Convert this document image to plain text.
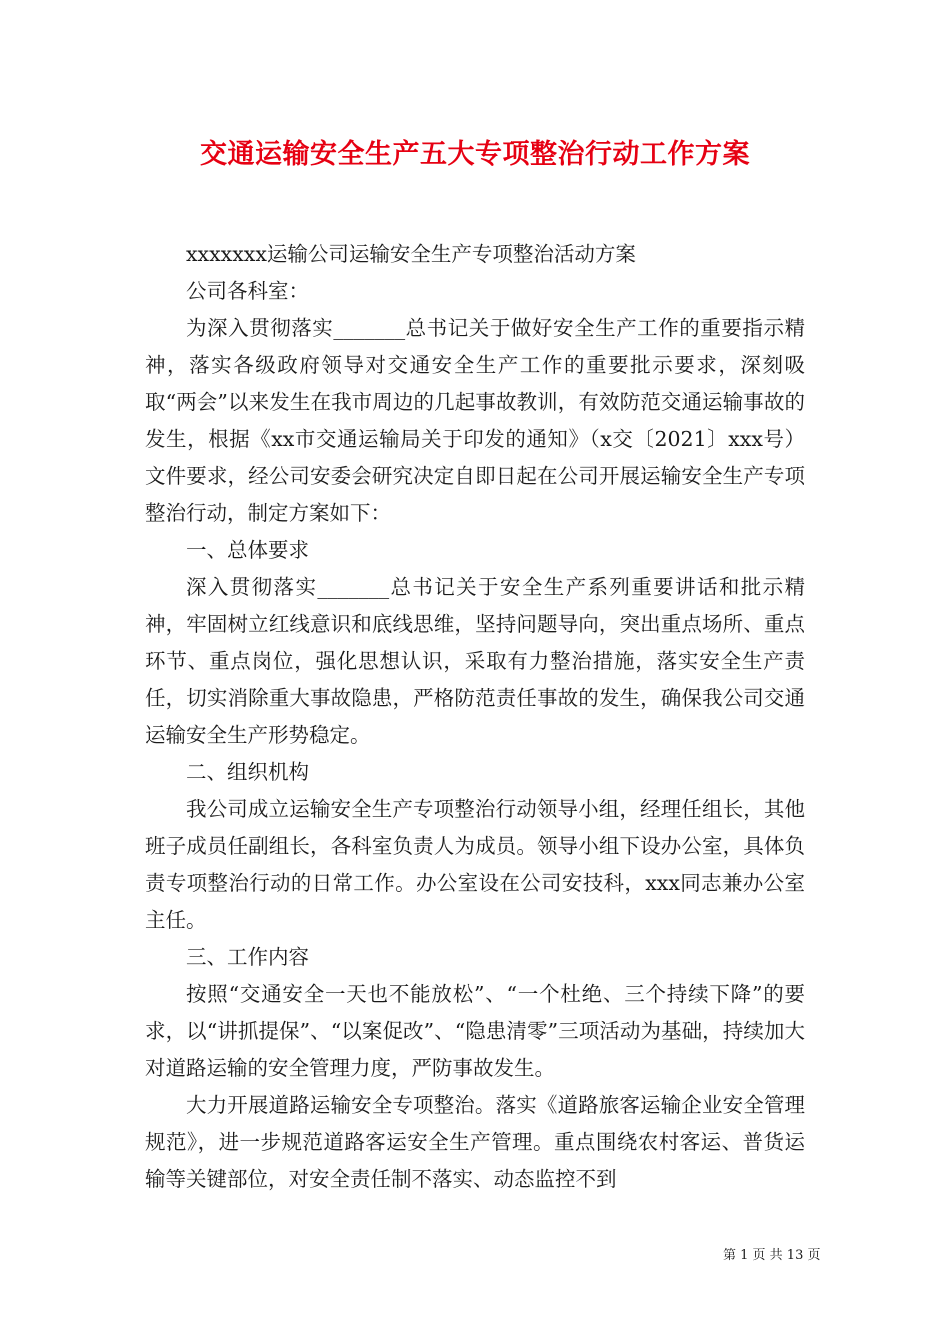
交通运输安全生产五大专项整治行动工作方案

xxxxxxx运输公司运输安全生产专项整治活动方案

公司各科室：

为深入贯彻落实_______总书记关于做好安全生产工作的重要指示精神，落实各级政府领导对交通安全生产工作的重要批示要求，深刻吸取“两会”以来发生在我市周边的几起事故教训，有效防范交通运输事故的发生，根据《xx市交通运输局关于印发的通知》（x交〔2021〕xxx号）文件要求，经公司安委会研究决定自即日起在公司开展运输安全生产专项整治行动，制定方案如下：

一、总体要求

深入贯彻落实_______总书记关于安全生产系列重要讲话和批示精神，牢固树立红线意识和底线思维，坚持问题导向，突出重点场所、重点环节、重点岗位，强化思想认识，采取有力整治措施，落实安全生产责任，切实消除重大事故隐患，严格防范责任事故的发生，确保我公司交通运输安全生产形势稳定。

二、组织机构

我公司成立运输安全生产专项整治行动领导小组，经理任组长，其他班子成员任副组长，各科室负责人为成员。领导小组下设办公室，具体负责专项整治行动的日常工作。办公室设在公司安技科，xxx同志兼办公室主任。

三、工作内容

按照“交通安全一天也不能放松”、“一个杜绝、三个持续下降”的要求，以“讲抓提保”、“以案促改”、“隐患清零”三项活动为基础，持续加大对道路运输的安全管理力度，严防事故发生。

大力开展道路运输安全专项整治。落实《道路旅客运输企业安全管理规范》，进一步规范道路客运安全生产管理。重点围绕农村客运、普货运输等关键部位，对安全责任制不落实、动态监控不到

第 1 页 共 13 页
